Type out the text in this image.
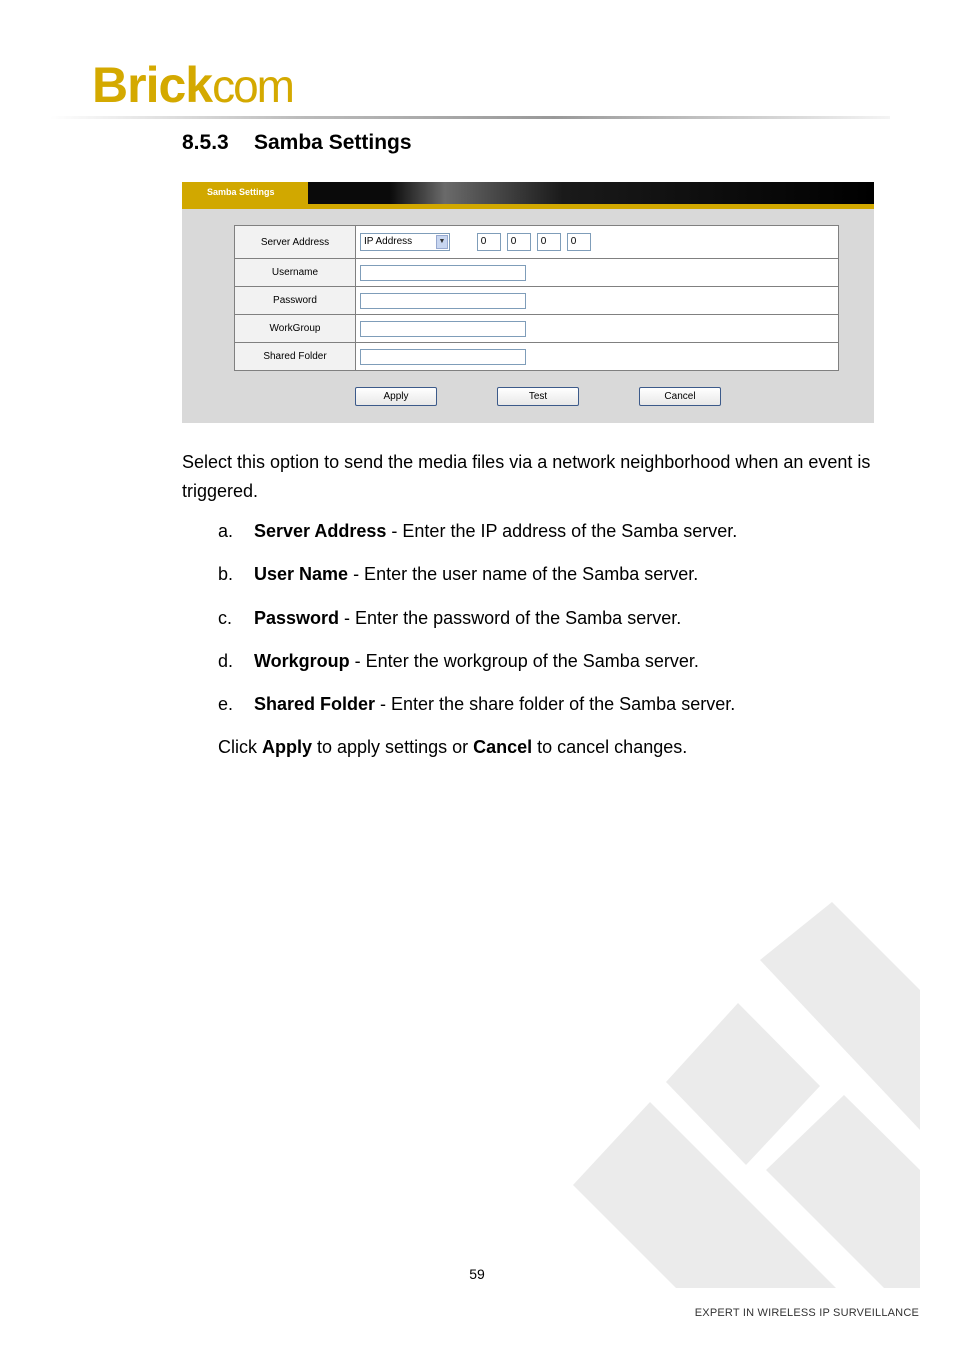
Brickcom
8.5.3 Samba Settings
Samba Settings
Server Address	IP Address ▼ 0 0 0 0
Username	
Password	
WorkGroup	
Shared Folder	
Apply	Test	Cancel
Select this option to send the media files via a network neighborhood when an event is triggered.
a. Server Address - Enter the IP address of the Samba server.
b. User Name - Enter the user name of the Samba server.
c. Password - Enter the password of the Samba server.
d. Workgroup - Enter the workgroup of the Samba server.
e. Shared Folder - Enter the share folder of the Samba server.
Click Apply to apply settings or Cancel to cancel changes.
59
EXPERT IN WIRELESS IP SURVEILLANCE
